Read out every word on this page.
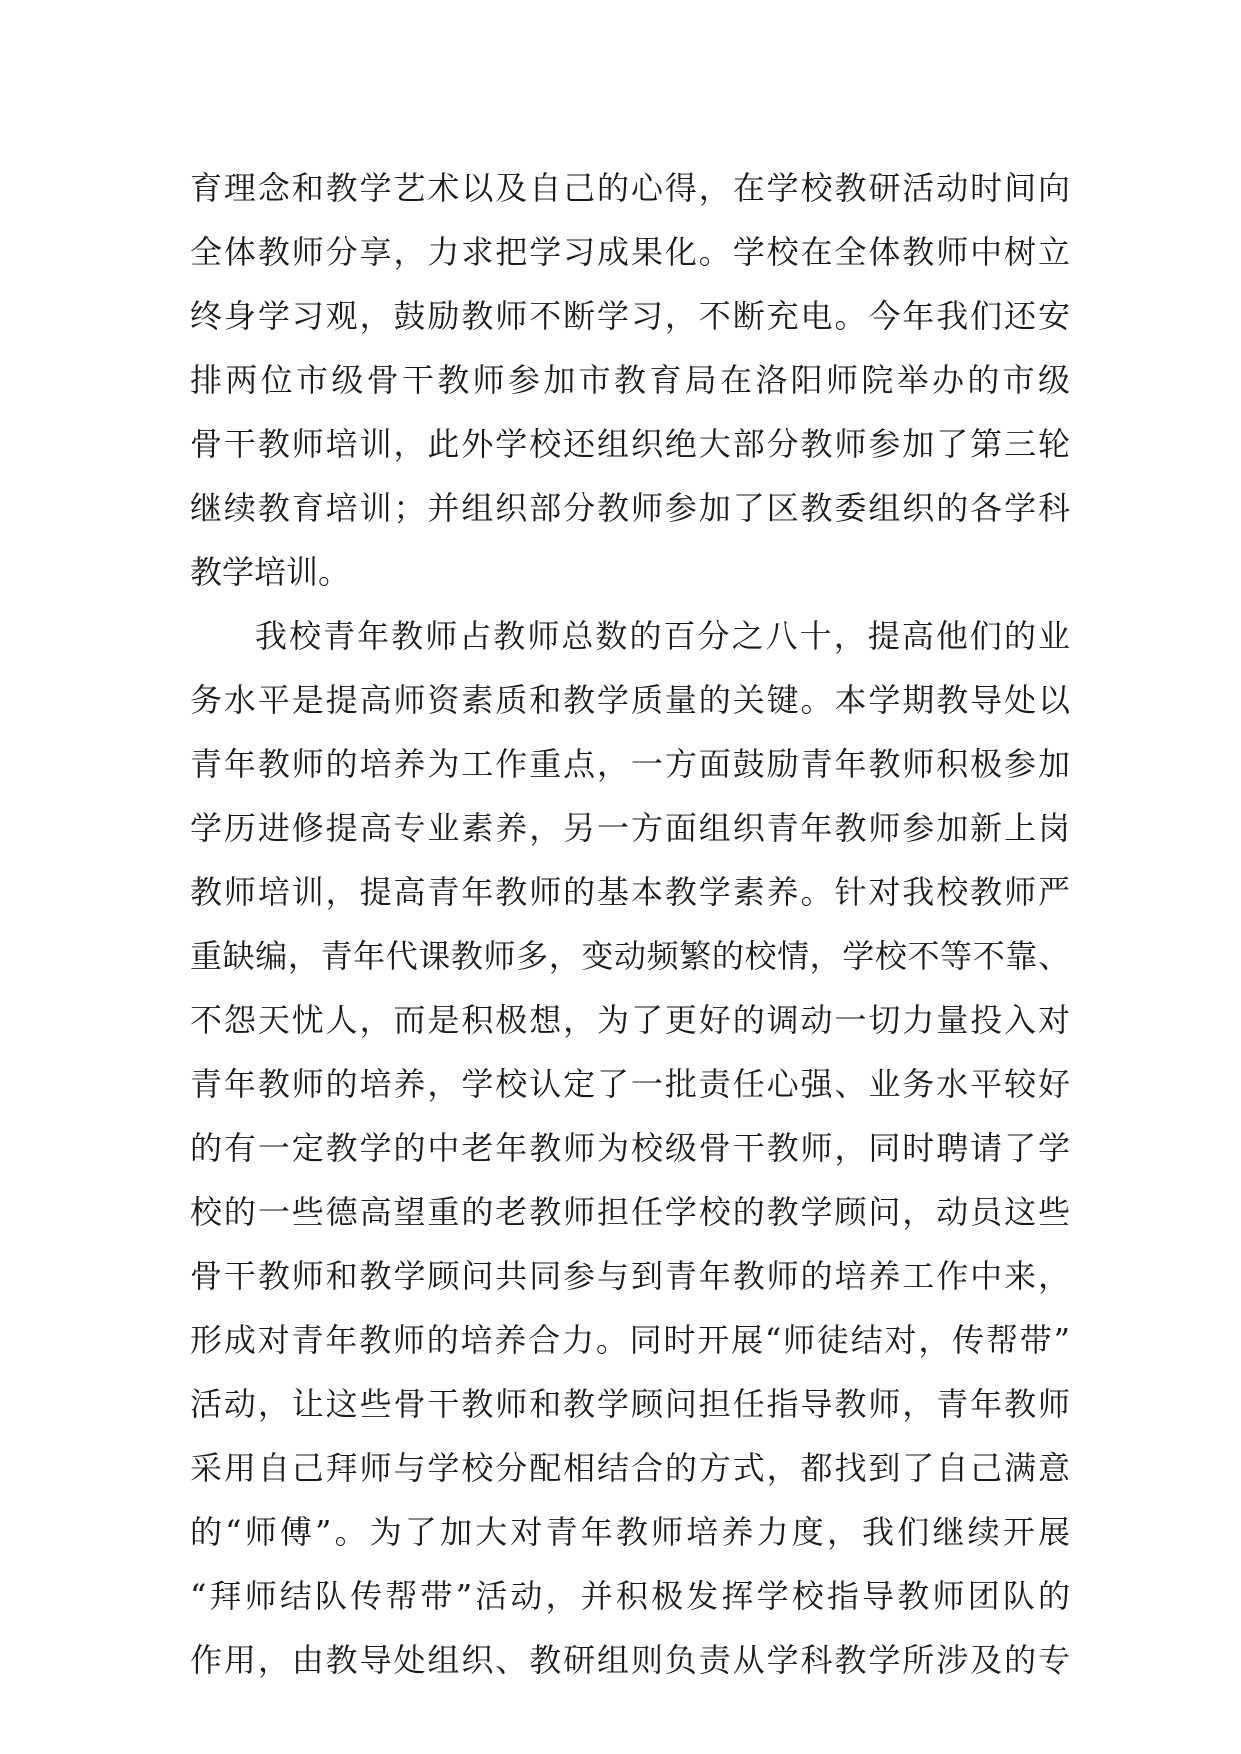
育理念和教学艺术以及自己的心得，在学校教研活动时间向
全体教师分享，力求把学习成果化。学校在全体教师中树立
终身学习观，鼓励教师不断学习，不断充电。今年我们还安
排两位市级骨干教师参加市教育局在洛阳师院举办的市级
骨干教师培训，此外学校还组织绝大部分教师参加了第三轮
继续教育培训；并组织部分教师参加了区教委组织的各学科
教学培训。
我校青年教师占教师总数的百分之八十，提高他们的业
务水平是提高师资素质和教学质量的关键。本学期教导处以
青年教师的培养为工作重点，一方面鼓励青年教师积极参加
学历进修提高专业素养，另一方面组织青年教师参加新上岗
教师培训，提高青年教师的基本教学素养。针对我校教师严
重缺编，青年代课教师多，变动频繁的校情，学校不等不靠、
不怨天忧人，而是积极想，为了更好的调动一切力量投入对
青年教师的培养，学校认定了一批责任心强、业务水平较好
的有一定教学的中老年教师为校级骨干教师，同时聘请了学
校的一些德高望重的老教师担任学校的教学顾问，动员这些
骨干教师和教学顾问共同参与到青年教师的培养工作中来，
形成对青年教师的培养合力。同时开展“师徒结对，传帮带”
活动，让这些骨干教师和教学顾问担任指导教师，青年教师
采用自己拜师与学校分配相结合的方式，都找到了自己满意
的“师傅”。为了加大对青年教师培养力度，我们继续开展
“拜师结队传帮带”活动，并积极发挥学校指导教师团队的
作用，由教导处组织、教研组则负责从学科教学所涉及的专
